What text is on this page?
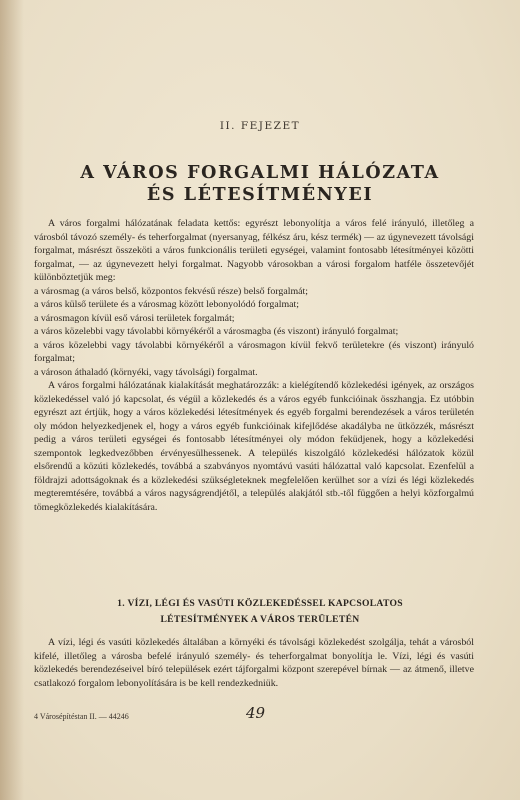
II. FEJEZET
A VÁROS FORGALMI HÁLÓZATA
ÉS LÉTESÍTMÉNYEI

A város forgalmi hálózatának feladata kettős: egyrészt lebonyolítja a város felé irányuló, illetőleg a városból távozó személy- és teherforgalmat (nyersanyag, félkész áru, kész termék) — az úgynevezett távolsági forgalmat, másrészt összeköti a város funkcionális területi egységei, valamint fontosabb létesítményei közötti forgalmat, — az úgynevezett helyi forgalmat. Nagyobb városokban a városi forgalom hatféle összetevőjét különböztetjük meg:

a városmag (a város belső, központos fekvésű része) belső forgalmát;
a város külső területe és a városmag között lebonyolódó forgalmat;
a városmagon kívül eső városi területek forgalmát;
a város közelebbi vagy távolabbi környékéről a városmagba (és viszont) irányuló forgalmat;
a város közelebbi vagy távolabbi környékéről a városmagon kívül fekvő területekre (és viszont) irányuló forgalmat;
a városon áthaladó (környéki, vagy távolsági) forgalmat.

A város forgalmi hálózatának kialakítását meghatározzák: a kielégítendő közlekedési igények, az országos közlekedéssel való jó kapcsolat, és végül a közlekedés és a város egyéb funkcióinak összhangja. Ez utóbbin egyrészt azt értjük, hogy a város közlekedési létesítmények és egyéb forgalmi berendezések a város területén oly módon helyezkedjenek el, hogy a város egyéb funkcióinak kifejlődése akadályba ne ütközzék, másrészt pedig a város területi egységei és fontosabb létesítményei oly módon feküdjenek, hogy a közlekedési szempontok legkedvezőbben érvényesülhessenek. A település kiszolgáló közlekedési hálózatok közül elsőrendű a közúti közlekedés, továbbá a szabványos nyomtávú vasúti hálózattal való kapcsolat. Ezenfelül a földrajzi adottságoknak és a közlekedési szükségleteknek megfelelően kerülhet sor a vízi és légi közlekedés megteremtésére, továbbá a város nagyságrendjétől, a település alakjától stb.-től függően a helyi közforgalmú tömegközlekedés kialakítására.

1. VÍZI, LÉGI ÉS VASÚTI KÖZLEKEDÉSSEL KAPCSOLATOS
LÉTESÍTMÉNYEK A VÁROS TERÜLETÉN

A vízi, légi és vasúti közlekedés általában a környéki és távolsági közlekedést szolgálja, tehát a városból kifelé, illetőleg a városba befelé irányuló személy- és teherforgalmat bonyolítja le. Vízi, légi és vasúti közlekedés berendezéseivel bíró települések ezért tájforgalmi központ szerepével bírnak — az átmenő, illetve csatlakozó forgalom lebonyolítására is be kell rendezkedniük.

4 Városépítéstan II. — 44246	49
